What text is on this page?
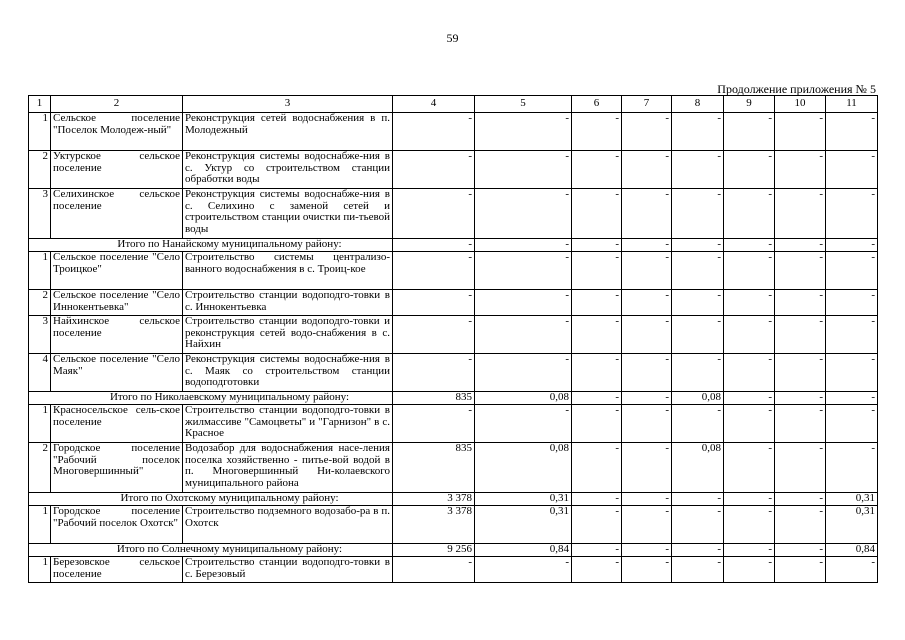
59
Продолжение приложения № 5
1	2	3	4	5	6	7	8	9	10	11
1	Сельское поселение "Поселок Молодеж-ный"	Реконструкция сетей водоснабжения в п. Молодежный	-	-	-	-	-	-	-	-
2	Уктурское сельское поселение	Реконструкция системы водоснабже-ния в с. Уктур со строительством станции обработки воды	-	-	-	-	-	-	-	-
3	Селихинское сельское поселение	Реконструкция системы водоснабже-ния в с. Селихино с заменой сетей и строительством станции очистки пи-тьевой воды	-	-	-	-	-	-	-	-
Итого по Нанайскому муниципальному району:			-	-	-	-	-	-	-	-
1	Сельское поселение "Село Троицкое"	Строительство системы централизо-ванного водоснабжения в с. Троиц-кое	-	-	-	-	-	-	-	-
2	Сельское поселение "Село Иннокентьевка"	Строительство станции водоподго-товки в с. Иннокентьевка	-	-	-	-	-	-	-	-
3	Найхинское сельское поселение	Строительство станции водоподго-товки и реконструкция сетей водо-снабжения в с. Найхин	-	-	-	-	-	-	-	-
4	Сельское поселение "Село Маяк"	Реконструкция системы водоснабже-ния в с. Маяк со строительством станции водоподготовки	-	-	-	-	-	-	-	-
Итого по Николаевскому муниципальному району:			835	0,08	-	-	0,08	-	-	-
1	Красносельское сель-ское поселение	Строительство станции водоподго-товки в жилмассиве "Самоцветы" и "Гарнизон" в с. Красное	-	-	-	-	-	-	-	-
2	Городское поселение "Рабочий поселок Многовершинный"	Водозабор для водоснабжения насе-ления поселка хозяйственно - питье-вой водой в п. Многовершинный Ни-колаевского муниципального района	835	0,08	-	-	0,08	-	-	-
Итого по Охотскому муниципальному району:			3 378	0,31	-	-	-	-	-	0,31
1	Городское поселение "Рабочий поселок Охотск"	Строительство подземного водозабо-ра в п. Охотск	3 378	0,31	-	-	-	-	-	0,31
Итого по Солнечному муниципальному району:			9 256	0,84	-	-	-	-	-	0,84
1	Березовское сельское поселение	Строительство станции водоподго-товки в с. Березовый	-	-	-	-	-	-	-	-
